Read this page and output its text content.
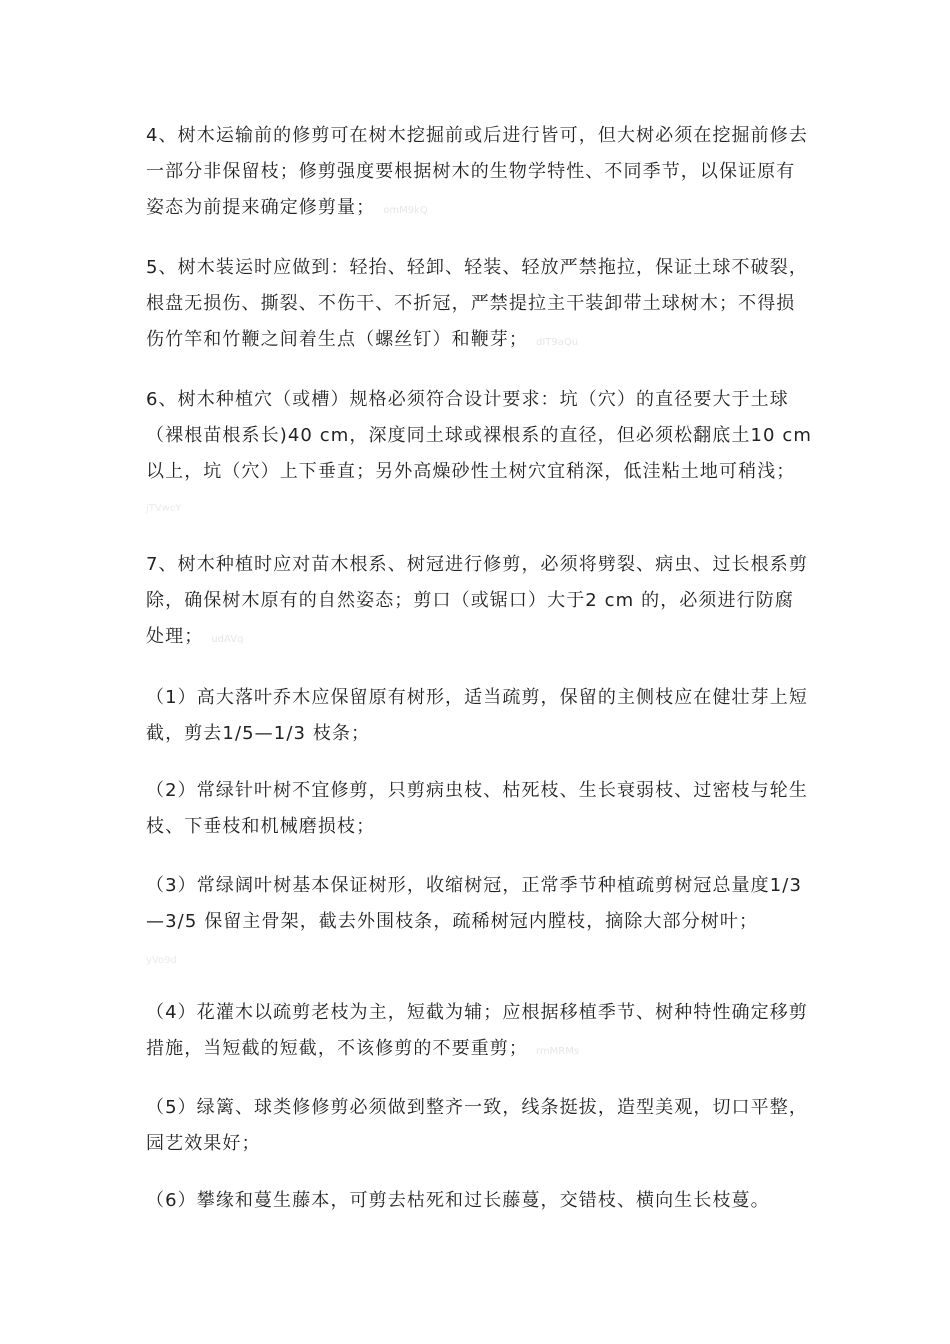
4、树木运输前的修剪可在树木挖掘前或后进行皆可，但大树必须在挖掘前修去
一部分非保留枝；修剪强度要根据树木的生物学特性、不同季节，以保证原有
姿态为前提来确定修剪量； omM9kQ

5、树木装运时应做到：轻抬、轻卸、轻装、轻放严禁拖拉，保证土球不破裂，
根盘无损伤、撕裂、不伤干、不折冠，严禁提拉主干装卸带土球树木；不得损
伤竹竿和竹鞭之间着生点（螺丝钉）和鞭芽； dIT9aQu

6、树木种植穴（或槽）规格必须符合设计要求：坑（穴）的直径要大于土球
（裸根苗根系长)40 cm，深度同土球或裸根系的直径，但必须松翻底土10 cm
以上，坑（穴）上下垂直；另外高燥砂性土树穴宜稍深，低洼粘土地可稍浅；

jTVwcY

7、树木种植时应对苗木根系、树冠进行修剪，必须将劈裂、病虫、过长根系剪
除，确保树木原有的自然姿态；剪口（或锯口）大于2 cm 的，必须进行防腐
处理； udAVq

（1）高大落叶乔木应保留原有树形，适当疏剪，保留的主侧枝应在健壮芽上短
截，剪去1/5—1/3 枝条；

（2）常绿针叶树不宜修剪，只剪病虫枝、枯死枝、生长衰弱枝、过密枝与轮生
枝、下垂枝和机械磨损枝；

（3）常绿阔叶树基本保证树形，收缩树冠，正常季节种植疏剪树冠总量度1/3
—3/5 保留主骨架，截去外围枝条，疏稀树冠内膛枝，摘除大部分树叶；

yVo9d

（4）花灌木以疏剪老枝为主，短截为辅；应根据移植季节、树种特性确定移剪
措施，当短截的短截，不该修剪的不要重剪； rmMRMs

（5）绿篱、球类修修剪必须做到整齐一致，线条挺拔，造型美观，切口平整，
园艺效果好；

（6）攀缘和蔓生藤本，可剪去枯死和过长藤蔓，交错枝、横向生长枝蔓。
